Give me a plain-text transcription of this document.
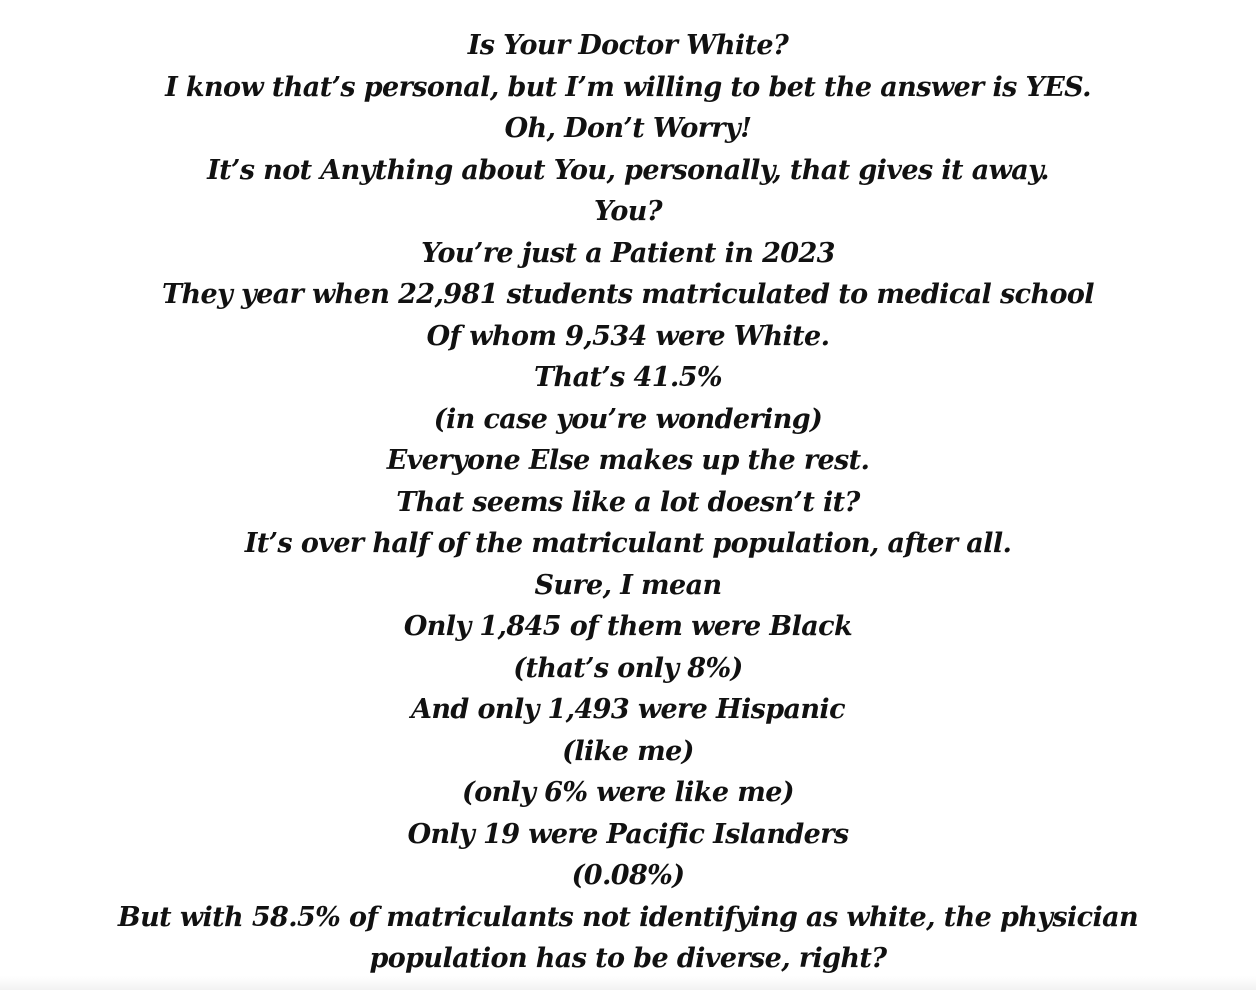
Is Your Doctor White?
I know that’s personal, but I’m willing to bet the answer is YES.
Oh, Don’t Worry!
It’s not Anything about You, personally, that gives it away.
You?
You’re just a Patient in 2023
They year when 22,981 students matriculated to medical school
Of whom 9,534 were White.
That’s 41.5%
(in case you’re wondering)
Everyone Else makes up the rest.
That seems like a lot doesn’t it?
It’s over half of the matriculant population, after all.
Sure, I mean
Only 1,845 of them were Black
(that’s only 8%)
And only 1,493 were Hispanic
(like me)
(only 6% were like me)
Only 19 were Pacific Islanders
(0.08%)
But with 58.5% of matriculants not identifying as white, the physician population has to be diverse, right?
